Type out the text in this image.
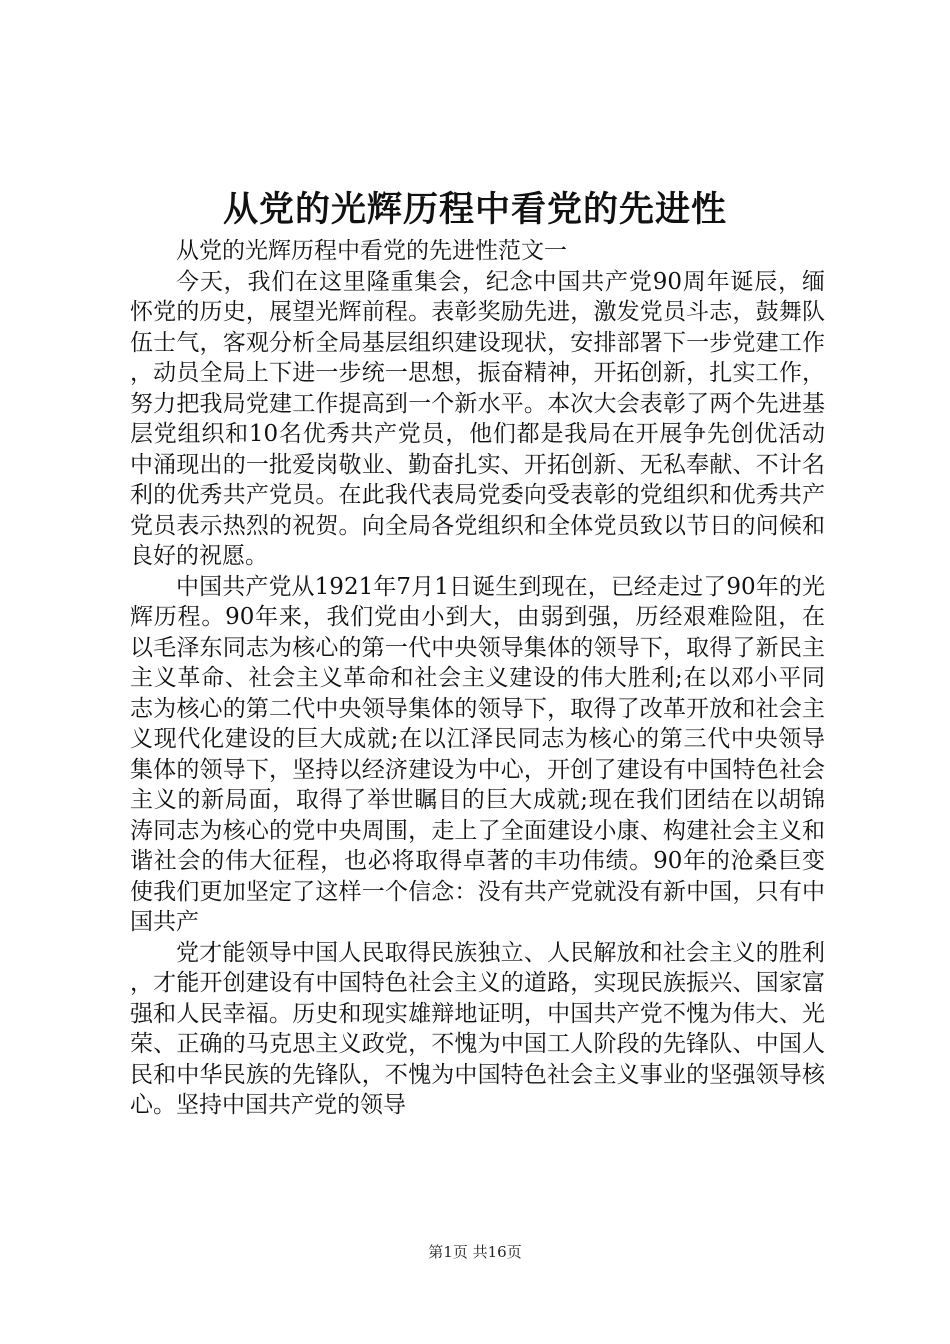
从党的光辉历程中看党的先进性

从党的光辉历程中看党的先进性范文一

今天，我们在这里隆重集会，纪念中国共产党90周年诞辰，缅怀党的历史，展望光辉前程。表彰奖励先进，激发党员斗志，鼓舞队伍士气，客观分析全局基层组织建设现状，安排部署下一步党建工作，动员全局上下进一步统一思想，振奋精神，开拓创新，扎实工作，努力把我局党建工作提高到一个新水平。本次大会表彰了两个先进基层党组织和10名优秀共产党员，他们都是我局在开展争先创优活动中涌现出的一批爱岗敬业、勤奋扎实、开拓创新、无私奉献、不计名利的优秀共产党员。在此我代表局党委向受表彰的党组织和优秀共产党员表示热烈的祝贺。向全局各党组织和全体党员致以节日的问候和良好的祝愿。

中国共产党从1921年7月1日诞生到现在，已经走过了90年的光辉历程。90年来，我们党由小到大，由弱到强，历经艰难险阻，在以毛泽东同志为核心的第一代中央领导集体的领导下，取得了新民主主义革命、社会主义革命和社会主义建设的伟大胜利;在以邓小平同志为核心的第二代中央领导集体的领导下，取得了改革开放和社会主义现代化建设的巨大成就;在以江泽民同志为核心的第三代中央领导集体的领导下，坚持以经济建设为中心，开创了建设有中国特色社会主义的新局面，取得了举世瞩目的巨大成就;现在我们团结在以胡锦涛同志为核心的党中央周围，走上了全面建设小康、构建社会主义和谐社会的伟大征程，也必将取得卓著的丰功伟绩。90年的沧桑巨变使我们更加坚定了这样一个信念：没有共产党就没有新中国，只有中国共产

党才能领导中国人民取得民族独立、人民解放和社会主义的胜利，才能开创建设有中国特色社会主义的道路，实现民族振兴、国家富强和人民幸福。历史和现实雄辩地证明，中国共产党不愧为伟大、光荣、正确的马克思主义政党，不愧为中国工人阶段的先锋队、中国人民和中华民族的先锋队，不愧为中国特色社会主义事业的坚强领导核心。坚持中国共产党的领导

第1页 共16页
